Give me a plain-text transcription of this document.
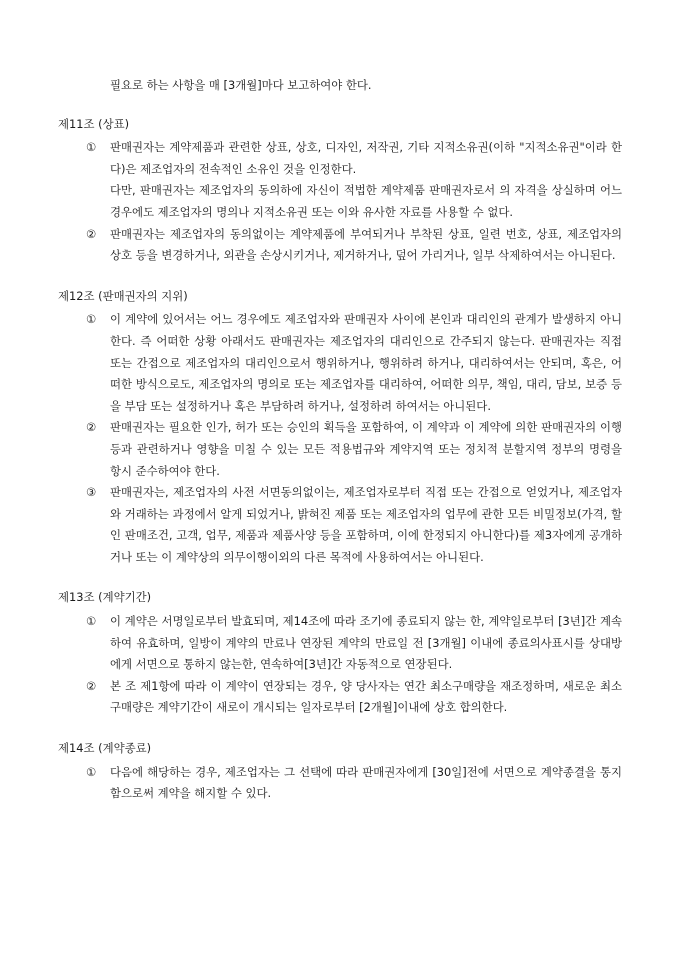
필요로 하는 사항을 매 [3개월]마다 보고하여야 한다.

제11조 (상표)

① 판매권자는 계약제품과 관련한 상표, 상호, 디자인, 저작권, 기타 지적소유권(이하 "지적소유권"이라 한다)은 제조업자의 전속적인 소유인 것을 인정한다.

다만, 판매권자는 제조업자의 동의하에 자신이 적법한 계약제품 판매권자로서 의 자격을 상실하며 어느 경우에도 제조업자의 명의나 지적소유권 또는 이와 유사한 자료를 사용할 수 없다.

② 판매권자는 제조업자의 동의없이는 계약제품에 부여되거나 부착된 상표, 일련 번호, 상표, 제조업자의 상호 등을 변경하거나, 외관을 손상시키거나, 제거하거나, 덮어 가리거나, 일부 삭제하여서는 아니된다.

제12조 (판매권자의 지위)

① 이 계약에 있어서는 어느 경우에도 제조업자와 판매권자 사이에 본인과 대리인의 관계가 발생하지 아니한다. 즉 어떠한 상황 아래서도 판매권자는 제조업자의 대리인으로 간주되지 않는다. 판매권자는 직접 또는 간접으로 제조업자의 대리인으로서 행위하거나, 행위하려 하거나, 대리하여서는 안되며, 혹은, 어떠한 방식으로도, 제조업자의 명의로 또는 제조업자를 대리하여, 어떠한 의무, 책임, 대리, 담보, 보증 등을 부담 또는 설정하거나 혹은 부담하려 하거나, 설정하려 하여서는 아니된다.

② 판매권자는 필요한 인가, 허가 또는 승인의 획득을 포함하여, 이 계약과 이 계약에 의한 판매권자의 이행 등과 관련하거나 영향을 미칠 수 있는 모든 적용법규와 계약지역 또는 정치적 분할지역 정부의 명령을 항시 준수하여야 한다.

③ 판매권자는, 제조업자의 사전 서면동의없이는, 제조업자로부터 직접 또는 간접으로 얻었거나, 제조업자와 거래하는 과정에서 알게 되었거나, 밝혀진 제품 또는 제조업자의 업무에 관한 모든 비밀정보(가격, 할인 판매조건, 고객, 업무, 제품과 제품사양 등을 포함하며, 이에 한정되지 아니한다)를 제3자에게 공개하거나 또는 이 계약상의 의무이행이외의 다른 목적에 사용하여서는 아니된다.

제13조 (계약기간)

① 이 계약은 서명일로부터 발효되며, 제14조에 따라 조기에 종료되지 않는 한, 계약일로부터 [3년]간 계속하여 유효하며, 일방이 계약의 만료나 연장된 계약의 만료일 전 [3개월] 이내에 종료의사표시를 상대방에게 서면으로 통하지 않는한, 연속하여[3년]간 자동적으로 연장된다.

② 본 조 제1항에 따라 이 계약이 연장되는 경우, 양 당사자는 연간 최소구매량을 재조정하며, 새로운 최소구매량은 계약기간이 새로이 개시되는 일자로부터 [2개월]이내에 상호 합의한다.

제14조 (계약종료)

① 다음에 해당하는 경우, 제조업자는 그 선택에 따라 판매권자에게 [30일]전에 서면으로 계약종결을 통지함으로써 계약을 해지할 수 있다.
